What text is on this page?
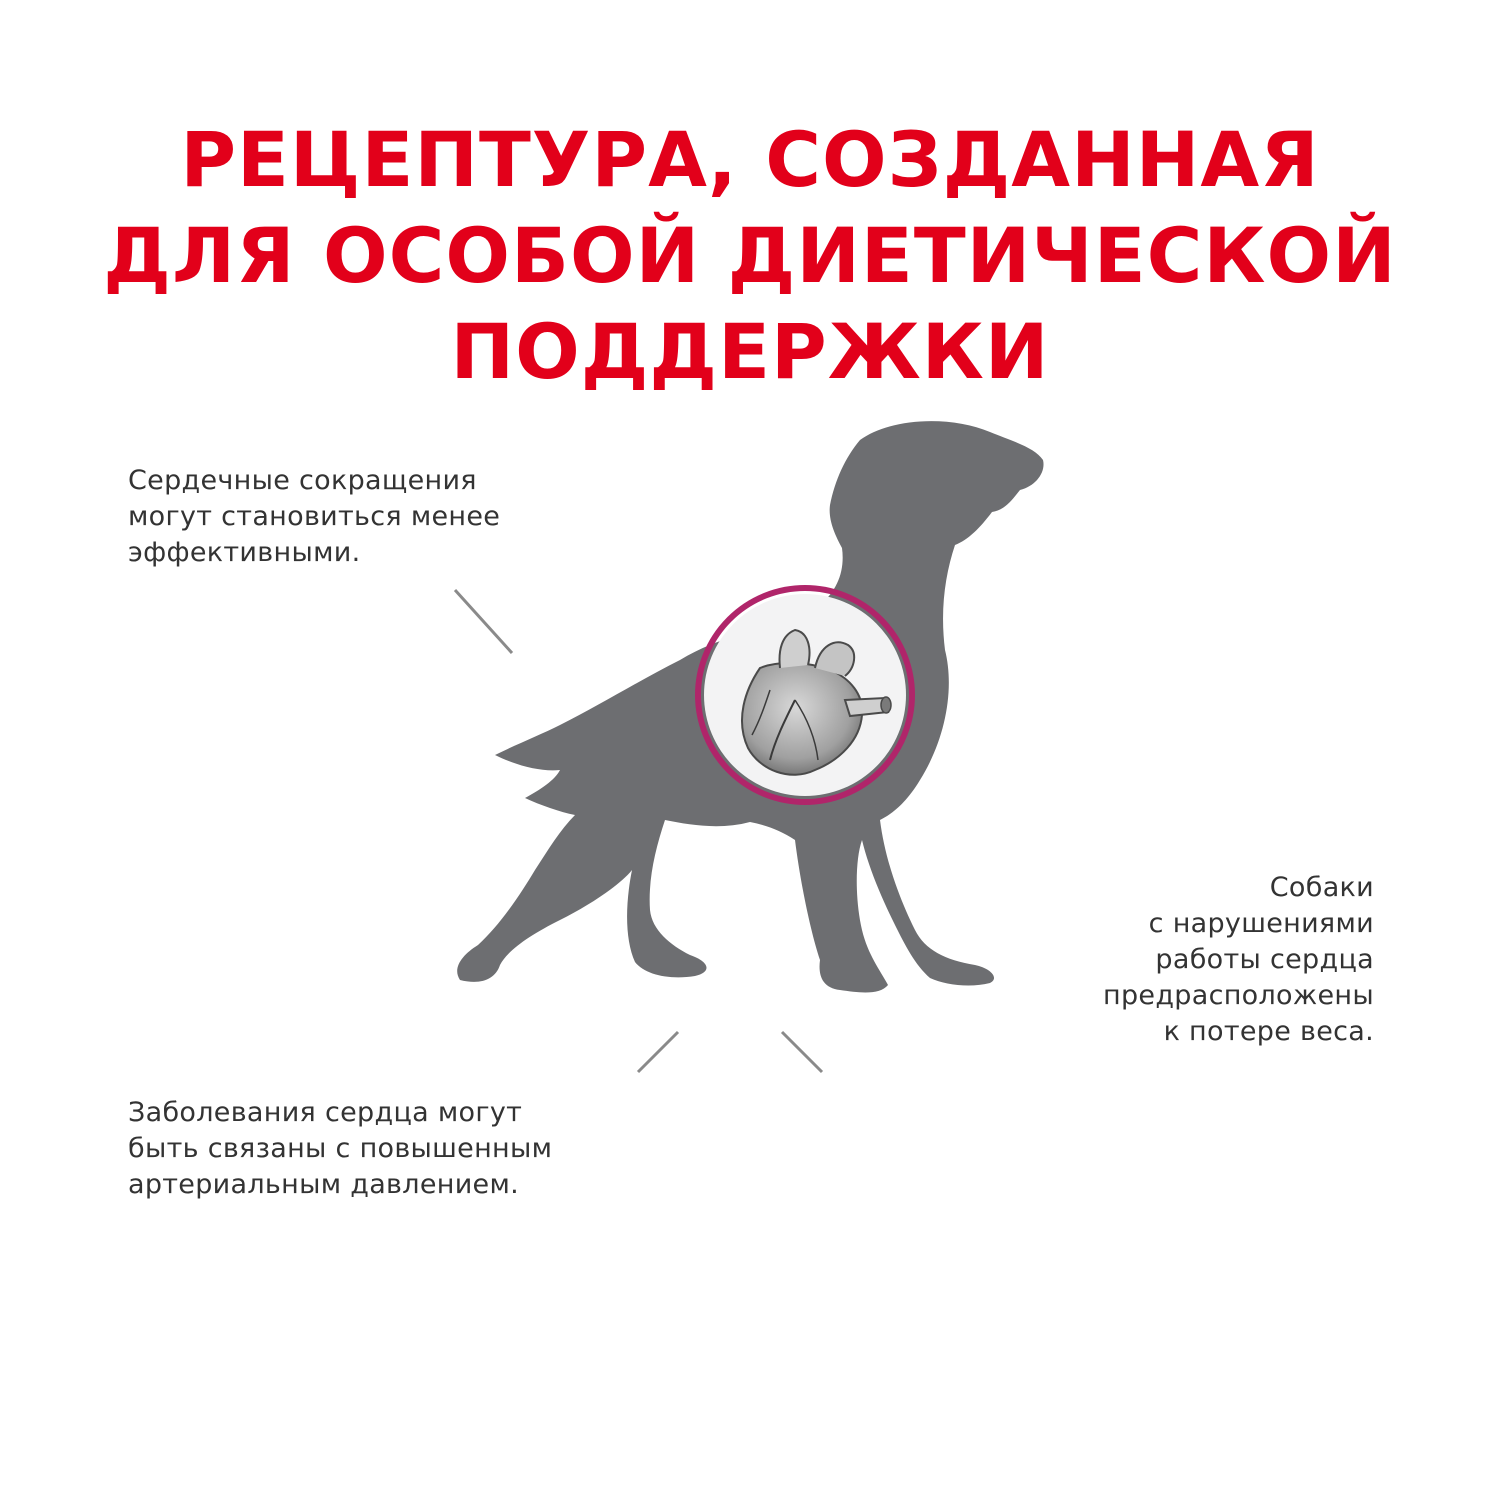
РЕЦЕПТУРА, СОЗДАННАЯ
ДЛЯ ОСОБОЙ ДИЕТИЧЕСКОЙ
ПОДДЕРЖКИ
Сердечные сокращения
могут становиться менее
эффективными.
Собаки
с нарушениями
работы сердца
предрасположены
к потере веса.
Заболевания сердца могут
быть связаны с повышенным
артериальным давлением.
